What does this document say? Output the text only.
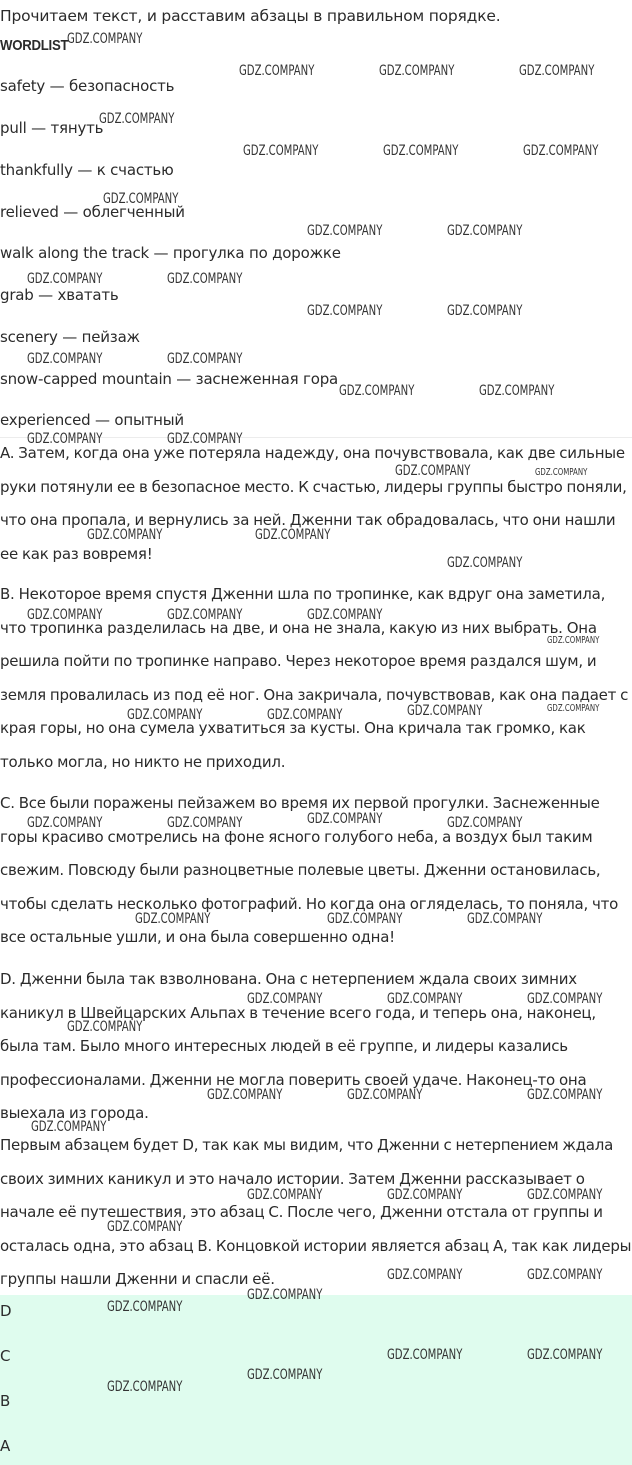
Прочитаем текст, и расставим абзацы в правильном порядке.
WORDLIST
safety — безопасность
pull — тянуть
thankfully — к счастью
relieved — облегченный
walk along the track — прогулка по дорожке
grab — хватать
scenery — пейзаж
snow-capped mountain — заснеженная гора
experienced — опытный

A. Затем, когда она уже потеряла надежду, она почувствовала, как две сильные руки потянули ее в безопасное место. К счастью, лидеры группы быстро поняли, что она пропала, и вернулись за ней. Дженни так обрадовалась, что они нашли ее как раз вовремя!

B. Некоторое время спустя Дженни шла по тропинке, как вдруг она заметила, что тропинка разделилась на две, и она не знала, какую из них выбрать. Она решила пойти по тропинке направо. Через некоторое время раздался шум, и земля провалилась из под её ног. Она закричала, почувствовав, как она падает с края горы, но она сумела ухватиться за кусты. Она кричала так громко, как только могла, но никто не приходил.

C. Все были поражены пейзажем во время их первой прогулки. Заснеженные горы красиво смотрелись на фоне ясного голубого неба, а воздух был таким свежим. Повсюду были разноцветные полевые цветы. Дженни остановилась, чтобы сделать несколько фотографий. Но когда она огляделась, то поняла, что все остальные ушли, и она была совершенно одна!

D. Дженни была так взволнована. Она с нетерпением ждала своих зимних каникул в Швейцарских Альпах в течение всего года, и теперь она, наконец, была там. Было много интересных людей в её группе, и лидеры казались профессионалами. Дженни не могла поверить своей удаче. Наконец-то она выехала из города.

Первым абзацем будет D, так как мы видим, что Дженни с нетерпением ждала своих зимних каникул и это начало истории. Затем Дженни рассказывает о начале её путешествия, это абзац С. После чего, Дженни отстала от группы и осталась одна, это абзац B. Концовкой истории является абзац A, так как лидеры группы нашли Дженни и спасли её.

D
C
B
A
GDZ.COMPANY
GDZ.COMPANY	GDZ.COMPANY	GDZ.COMPANY
GDZ.COMPANY
GDZ.COMPANY	GDZ.COMPANY	GDZ.COMPANY
GDZ.COMPANY
GDZ.COMPANY	GDZ.COMPANY
GDZ.COMPANY	GDZ.COMPANY
GDZ.COMPANY	GDZ.COMPANY
GDZ.COMPANY	GDZ.COMPANY
GDZ.COMPANY	GDZ.COMPANY
GDZ.COMPANY	GDZ.COMPANY
GDZ.COMPANY
GDZ.COMPANY	GDZ.COMPANY
GDZ.COMPANY
GDZ.COMPANY	GDZ.COMPANY	GDZ.COMPANY
GDZ.COMPANY	GDZ.COMPANY	GDZ.COMPANY
GDZ.COMPANY	GDZ.COMPANY	GDZ.COMPANY	GDZ.COMPANY
GDZ.COMPANY	GDZ.COMPANY	GDZ.COMPANY
GDZ.COMPANY	GDZ.COMPANY	GDZ.COMPANY
GDZ.COMPANY
GDZ.COMPANY	GDZ.COMPANY	GDZ.COMPANY
GDZ.COMPANY
GDZ.COMPANY	GDZ.COMPANY	GDZ.COMPANY
GDZ.COMPANY
GDZ.COMPANY	GDZ.COMPANY
GDZ.COMPANY
GDZ.COMPANY
GDZ.COMPANY	GDZ.COMPANY
GDZ.COMPANY
GDZ.COMPANY
GDZ.COMPANY
GDZ.COMPANY
GDZ.COMPANY
